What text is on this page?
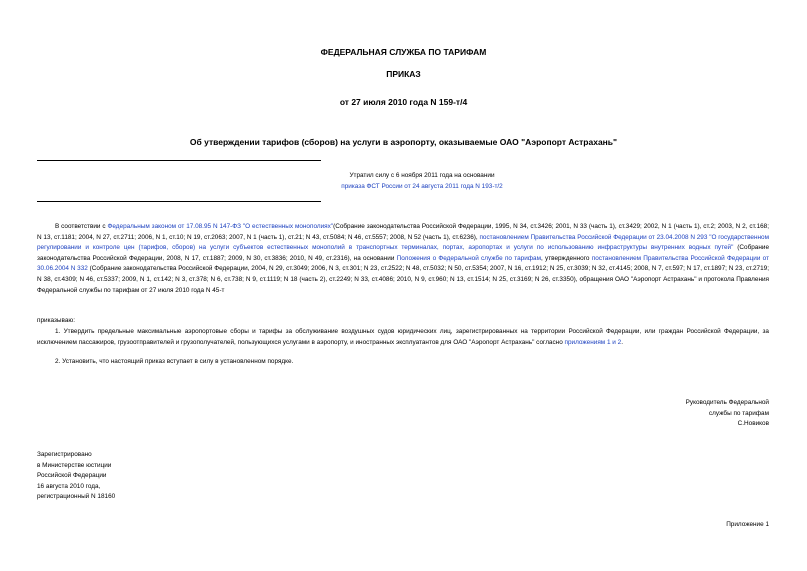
ФЕДЕРАЛЬНАЯ СЛУЖБА ПО ТАРИФАМ
ПРИКАЗ
от 27 июля 2010 года N 159-т/4
Об утверждении тарифов (сборов) на услуги в аэропорту, оказываемые ОАО "Аэропорт Астрахань"
Утратил силу с 6 ноября 2011 года на основании
приказа ФСТ России от 24 августа 2011 года N 193-т/2
В соответствии с Федеральным законом от 17.08.95 N 147-ФЗ "О естественных монополиях"(Собрание законодательства Российской Федерации, 1995, N 34, ст.3426; 2001, N 33 (часть 1), ст.3429; 2002, N 1 (часть 1), ст.2; 2003, N 2, ст.168; N 13, ст.1181; 2004, N 27, ст.2711; 2006, N 1, ст.10; N 19, ст.2063; 2007, N 1 (часть 1), ст.21; N 43, ст.5084; N 46, ст.5557; 2008, N 52 (часть 1), ст.6236), постановлением Правительства Российской Федерации от 23.04.2008 N 293 "О государственном регулировании и контроле цен (тарифов, сборов) на услуги субъектов естественных монополий в транспортных терминалах, портах, аэропортах и услуги по использованию инфраструктуры внутренних водных путей" (Собрание законодательства Российской Федерации, 2008, N 17, ст.1887; 2009, N 30, ст.3836; 2010, N 49, ст.2316), на основании Положения о Федеральной службе по тарифам, утвержденного постановлением Правительства Российской Федерации от 30.06.2004 N 332 (Собрание законодательства Российской Федерации, 2004, N 29, ст.3049; 2006, N 3, ст.301; N 23, ст.2522; N 48, ст.5032; N 50, ст.5354; 2007, N 16, ст.1912; N 25, ст.3039; N 32, ст.4145; 2008, N 7, ст.597; N 17, ст.1897; N 23, ст.2719; N 38, ст.4309; N 46, ст.5337; 2009, N 1, ст.142; N 3, ст.378; N 6, ст.738; N 9, ст.1119; N 18 (часть 2), ст.2249; N 33, ст.4086; 2010, N 9, ст.960; N 13, ст.1514; N 25, ст.3169; N 26, ст.3350), обращения ОАО "Аэропорт Астрахань" и протокола Правления Федеральной службы по тарифам от 27 июля 2010 года N 45-т
приказываю:
1. Утвердить предельные максимальные аэропортовые сборы и тарифы за обслуживание воздушных судов юридических лиц, зарегистрированных на территории Российской Федерации, или граждан Российской Федерации, за исключением пассажиров, грузоотправителей и грузополучателей, пользующихся услугами в аэропорту, и иностранных эксплуатантов для ОАО "Аэропорт Астрахань" согласно приложениям 1 и 2.
2. Установить, что настоящий приказ вступает в силу в установленном порядке.
Руководитель Федеральной
службы по тарифам
С.Новиков
Зарегистрировано
в Министерстве юстиции
Российской Федерации
16 августа 2010 года,
регистрационный N 18160
Приложение 1
